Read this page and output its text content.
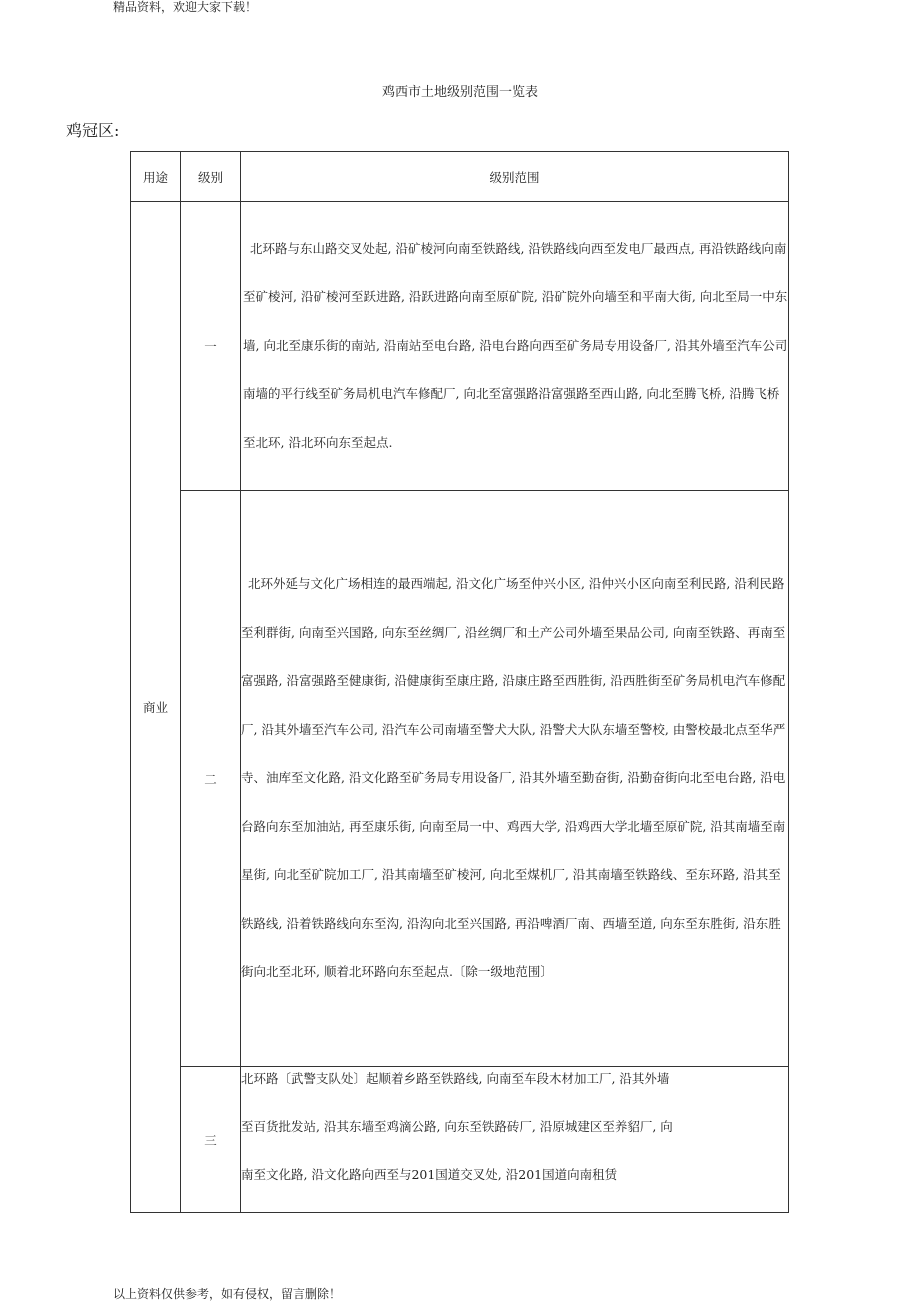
精品资料，欢迎大家下载！
鸡西市土地级别范围一览表
鸡冠区:
用途	级别	级别范围
商业	一	北环路与东山路交叉处起, 沿矿棱河向南至铁路线, 沿铁路线向西至发电厂最西点, 再沿铁路线向南至矿棱河, 沿矿棱河至跃进路, 沿跃进路向南至原矿院, 沿矿院外向墙至和平南大街, 向北至局一中东墙, 向北至康乐街的南站, 沿南站至电台路, 沿电台路向西至矿务局专用设备厂, 沿其外墙至汽车公司南墙的平行线至矿务局机电汽车修配厂, 向北至富强路沿富强路至西山路, 向北至腾飞桥, 沿腾飞桥至北环, 沿北环向东至起点.

	二	北环外延与文化广场相连的最西端起, 沿文化广场至仲兴小区, 沿仲兴小区向南至利民路, 沿利民路至利群街, 向南至兴国路, 向东至丝绸厂, 沿丝绸厂和土产公司外墙至果品公司, 向南至铁路、再南至富强路, 沿富强路至健康街, 沿健康街至康庄路, 沿康庄路至西胜街, 沿西胜街至矿务局机电汽车修配厂, 沿其外墙至汽车公司, 沿汽车公司南墙至警犬大队, 沿警犬大队东墙至警校, 由警校最北点至华严寺、油库至文化路, 沿文化路至矿务局专用设备厂, 沿其外墙至勤奋街, 沿勤奋街向北至电台路, 沿电台路向东至加油站, 再至康乐街, 向南至局一中、鸡西大学, 沿鸡西大学北墙至原矿院, 沿其南墙至南星街, 向北至矿院加工厂, 沿其南墙至矿棱河, 向北至煤机厂, 沿其南墙至铁路线、至东环路, 沿其至铁路线, 沿着铁路线向东至沟, 沿沟向北至兴国路, 再沿啤酒厂南、西墙至道, 向东至东胜街, 沿东胜街向北至北环, 顺着北环路向东至起点.〔除一级地范围〕

	三	北环路〔武警支队处〕起顺着乡路至铁路线, 向南至车段木材加工厂, 沿其外墙至百货批发站, 沿其东墙至鸡滴公路, 向东至铁路砖厂, 沿原城建区至养貂厂, 向南至文化路, 沿文化路向西至与201国道交叉处, 沿201国道向南租赁
以上资料仅供参考，如有侵权，留言删除！
